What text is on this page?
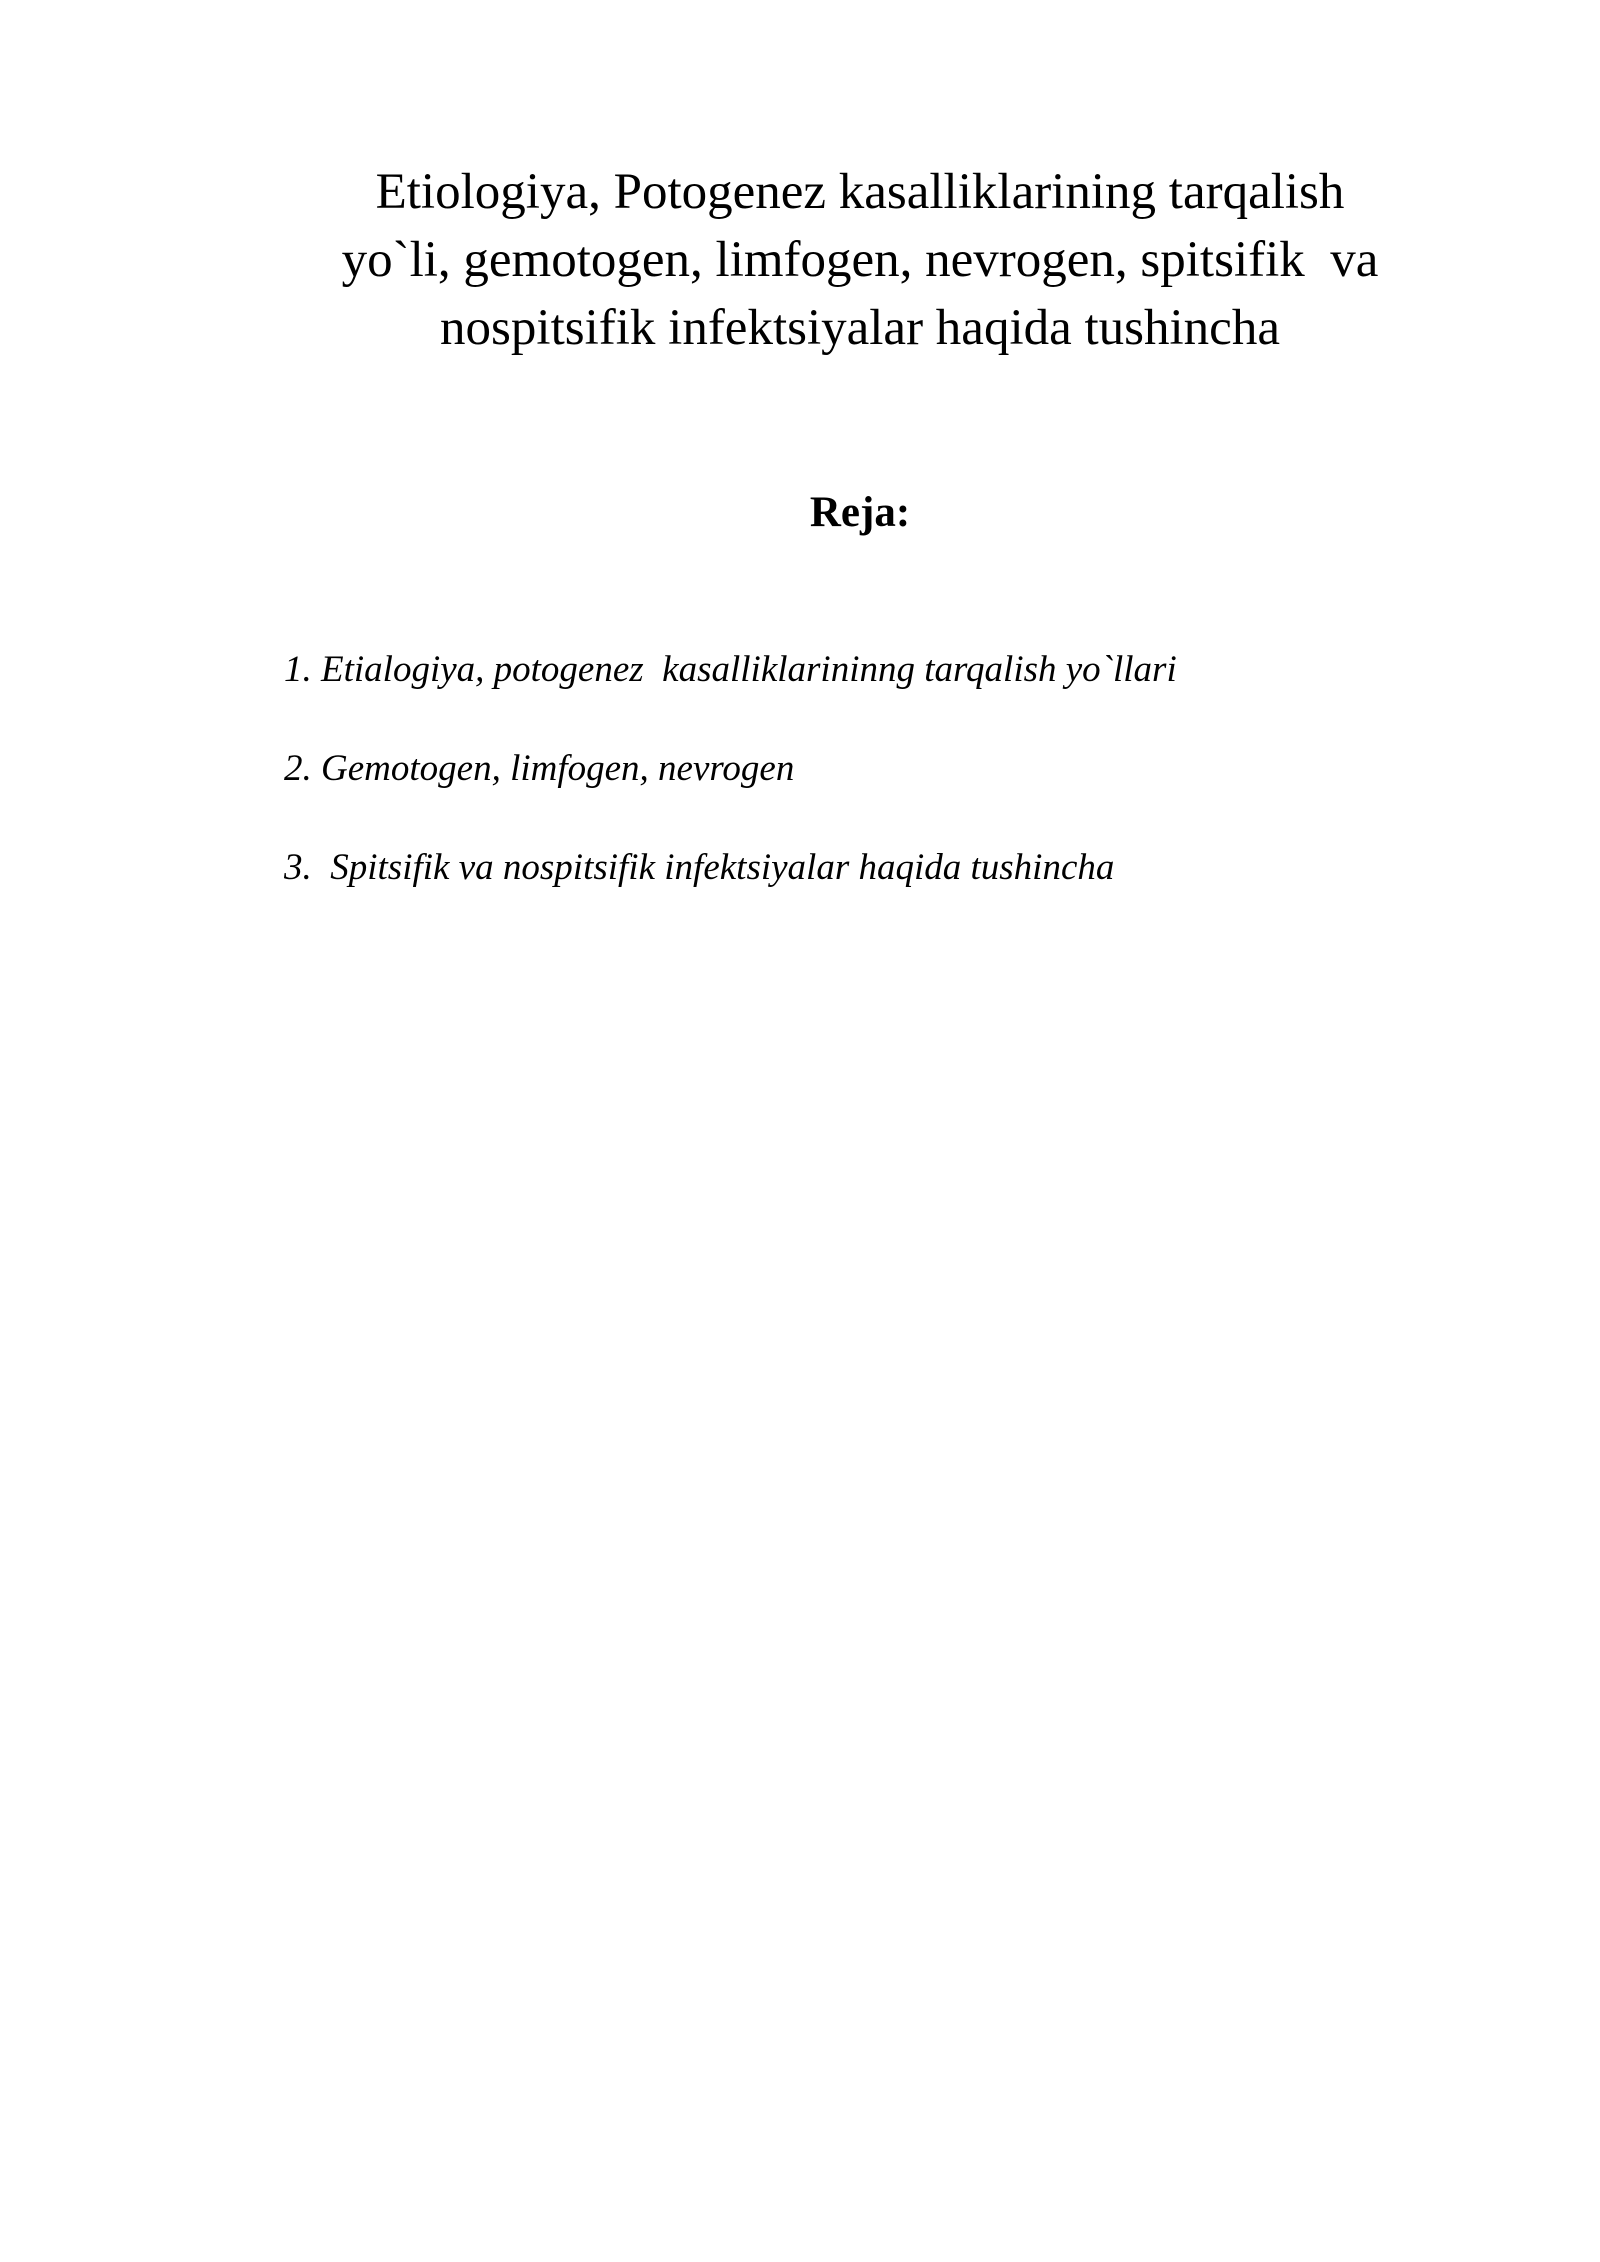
Etiologiya, Potogenez kasalliklarining tarqalish
yo`li, gemotogen, limfogen, nevrogen, spitsifik  va
nospitsifik infektsiyalar haqida tushincha
Reja:
1. Etialogiya, potogenez  kasalliklarininng tarqalish yo`llari
2. Gemotogen, limfogen, nevrogen
3.  Spitsifik va nospitsifik infektsiyalar haqida tushincha
